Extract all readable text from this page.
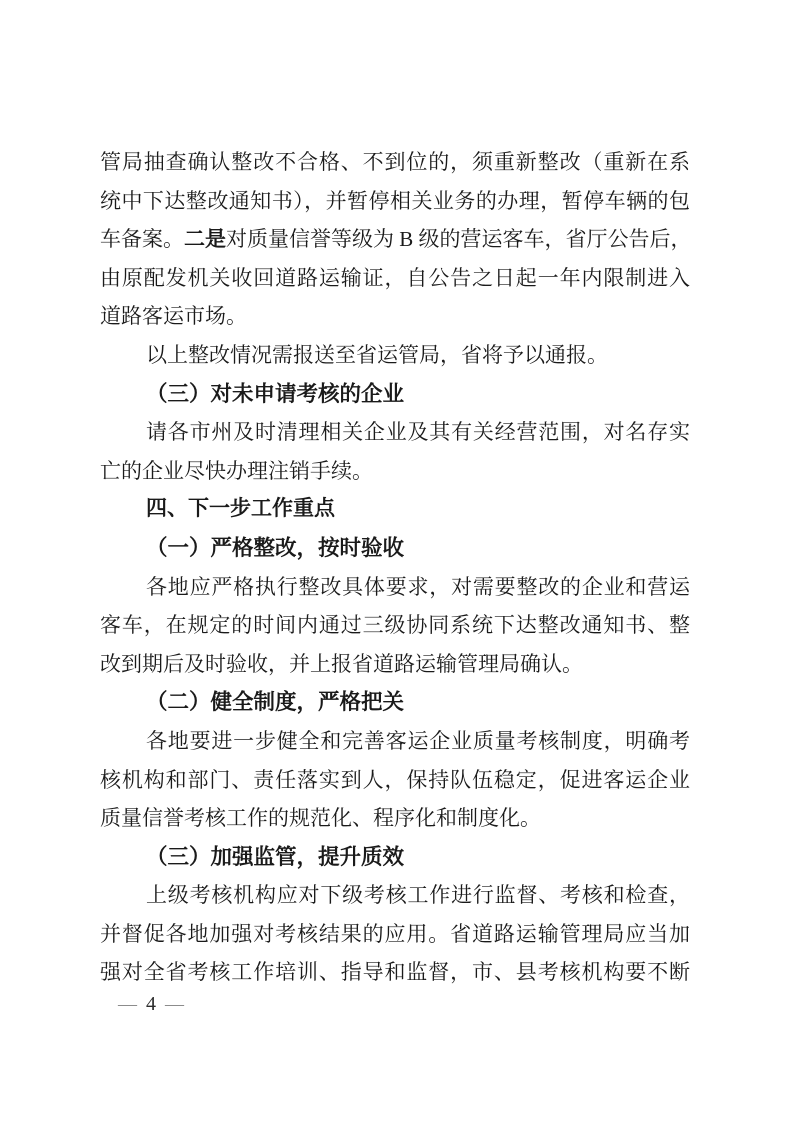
管局抽查确认整改不合格、不到位的，须重新整改（重新在系
统中下达整改通知书），并暂停相关业务的办理，暂停车辆的包
车备案。二是对质量信誉等级为 B 级的营运客车，省厅公告后，
由原配发机关收回道路运输证，自公告之日起一年内限制进入
道路客运市场。
以上整改情况需报送至省运管局，省将予以通报。
（三）对未申请考核的企业
请各市州及时清理相关企业及其有关经营范围，对名存实
亡的企业尽快办理注销手续。
四、下一步工作重点
（一）严格整改，按时验收
各地应严格执行整改具体要求，对需要整改的企业和营运
客车，在规定的时间内通过三级协同系统下达整改通知书、整
改到期后及时验收，并上报省道路运输管理局确认。
（二）健全制度，严格把关
各地要进一步健全和完善客运企业质量考核制度，明确考
核机构和部门、责任落实到人，保持队伍稳定，促进客运企业
质量信誉考核工作的规范化、程序化和制度化。
（三）加强监管，提升质效
上级考核机构应对下级考核工作进行监督、考核和检查，
并督促各地加强对考核结果的应用。省道路运输管理局应当加
强对全省考核工作培训、指导和监督，市、县考核机构要不断
— 4 —
